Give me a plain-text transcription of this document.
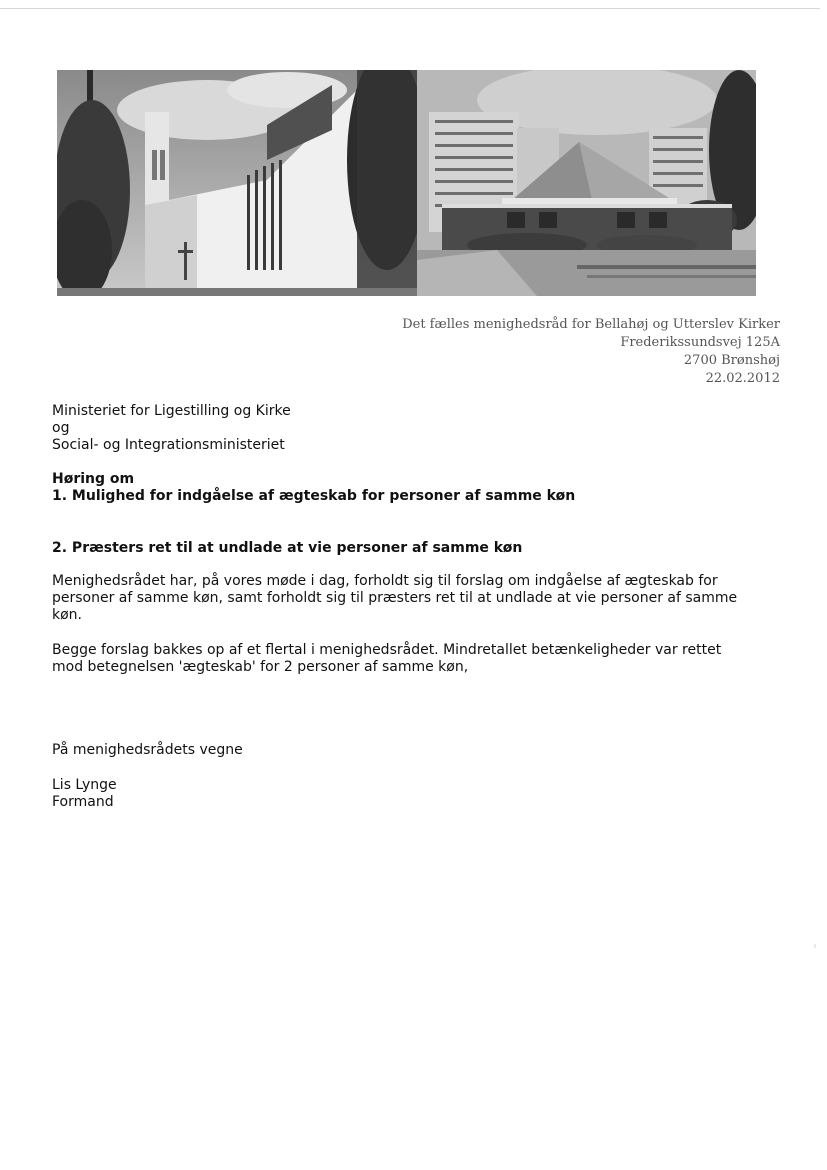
Det fælles menighedsråd for Bellahøj og Utterslev Kirker
Frederikssundsvej 125A
2700 Brønshøj
22.02.2012
Ministeriet for Ligestilling og Kirke
og
Social- og Integrationsministeriet
Høring om
1. Mulighed for indgåelse af ægteskab for personer af samme køn
2. Præsters ret til at undlade at vie personer af samme køn
Menighedsrådet har, på vores møde i dag, forholdt sig til forslag om indgåelse af ægteskab for personer af samme køn, samt forholdt sig til præsters ret til at undlade at vie personer af samme køn.
Begge forslag bakkes op af et flertal i menighedsrådet. Mindretallet betænkeligheder var rettet mod betegnelsen 'ægteskab' for 2 personer af samme køn,
På menighedsrådets vegne
Lis Lynge
Formand
